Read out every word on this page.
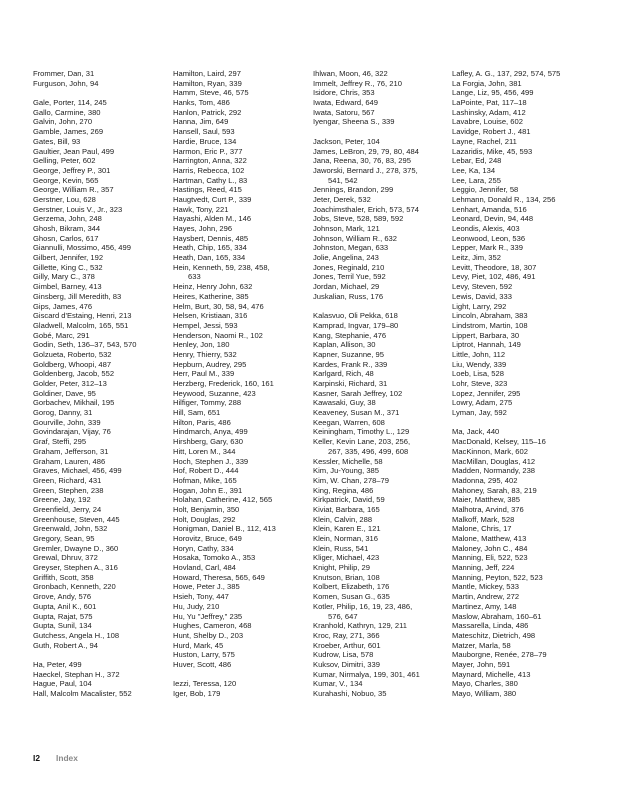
Frommer, Dan, 31
Furguson, John, 94
Gale, Porter, 114, 245
Gallo, Carmine, 380
Galvin, John, 270
Gamble, James, 269
Gates, Bill, 93
Gaultier, Jean Paul, 499
Gelling, Peter, 602
George, Jeffrey P., 301
George, Kevin, 565
George, William R., 357
Gerstner, Lou, 628
Gerstner, Louis V., Jr., 323
Gerzema, John, 248
Ghosh, Bikram, 344
Ghosn, Carlos, 617
Giannulli, Mossimo, 456, 499
Gilbert, Jennifer, 192
Gillette, King C., 532
Gilly, Mary C., 378
Gimbel, Barney, 413
Ginsberg, Jill Meredith, 83
Gips, James, 476
Giscard d'Estaing, Henri, 213
Gladwell, Malcolm, 165, 551
Gobé, Marc, 291
Godin, Seth, 136–37, 543, 570
Golzueta, Roberto, 532
Goldberg, Whoopi, 487
Goldenberg, Jacob, 552
Golder, Peter, 312–13
Goldiner, Dave, 95
Gorbachev, Mikhail, 195
Gorog, Danny, 31
Gourville, John, 339
Govindarajan, Vijay, 76
Graf, Steffi, 295
Graham, Jefferson, 31
Graham, Lauren, 486
Graves, Michael, 456, 499
Green, Richard, 431
Green, Stephen, 238
Greene, Jay, 192
Greenfield, Jerry, 24
Greenhouse, Steven, 445
Greenwald, John, 532
Gregory, Sean, 95
Gremler, Dwayne D., 360
Grewal, Dhruv, 372
Greyser, Stephen A., 316
Griffith, Scott, 358
Gronbach, Kenneth, 220
Grove, Andy, 576
Gupta, Anil K., 601
Gupta, Rajat, 575
Gupta, Sunil, 134
Gutchess, Angela H., 108
Guth, Robert A., 94
Ha, Peter, 499
Haeckel, Stephan H., 372
Hague, Paul, 104
Hall, Malcolm Macalister, 552
Hamilton, Laird, 297
Hamilton, Ryan, 339
Hamm, Steve, 46, 575
Hanks, Tom, 486
Hanlon, Patrick, 292
Hanna, Jim, 649
Hansell, Saul, 593
Hardie, Bruce, 134
Harmon, Eric P., 377
Harrington, Anna, 322
Harris, Rebecca, 102
Hartman, Cathy L., 83
Hastings, Reed, 415
Haugtvedt, Curt P., 339
Hawk, Tony, 221
Hayashi, Alden M., 146
Hayes, John, 296
Haysbert, Dennis, 485
Heath, Chip, 165, 334
Heath, Dan, 165, 334
Hein, Kenneth, 59, 238, 458,
633
Heinz, Henry John, 632
Heires, Katherine, 385
Helm, Burt, 30, 58, 94, 476
Helsen, Kristiaan, 316
Hempel, Jessi, 593
Henderson, Naomi R., 102
Henley, Jon, 180
Henry, Thierry, 532
Hepburn, Audrey, 295
Herr, Paul M., 339
Herzberg, Frederick, 160, 161
Heywood, Suzanne, 423
Hilfiger, Tommy, 288
Hill, Sam, 651
Hilton, Paris, 486
Hindmarch, Anya, 499
Hirshberg, Gary, 630
Hitt, Loren M., 344
Hoch, Stephen J., 339
Hof, Robert D., 444
Hofman, Mike, 165
Hogan, John E., 391
Holahan, Catherine, 412, 565
Holt, Benjamin, 350
Holt, Douglas, 292
Honigman, Daniel B., 112, 413
Horovitz, Bruce, 649
Horyn, Cathy, 334
Hosaka, Tomoko A., 353
Hovland, Carl, 484
Howard, Theresa, 565, 649
Howe, Peter J., 385
Hsieh, Tony, 447
Hu, Judy, 210
Hu, Yu "Jeffrey," 235
Hughes, Cameron, 468
Hunt, Shelby D., 203
Hurd, Mark, 45
Huston, Larry, 575
Huver, Scott, 486
Iezzi, Teressa, 120
Iger, Bob, 179
Ihlwan, Moon, 46, 322
Immelt, Jeffrey R., 76, 210
Isidore, Chris, 353
Iwata, Edward, 649
Iwata, Satoru, 567
Iyengar, Sheena S., 339
Jackson, Peter, 104
James, LeBron, 29, 79, 80, 484
Jana, Reena, 30, 76, 83, 295
Jaworski, Bernard J., 278, 375,
541, 542
Jennings, Brandon, 299
Jeter, Derek, 532
Joachimsthaler, Erich, 573, 574
Jobs, Steve, 528, 589, 592
Johnson, Mark, 121
Johnson, William R., 632
Johnston, Megan, 633
Jolie, Angelina, 243
Jones, Reginald, 210
Jones, Terril Yue, 592
Jordan, Michael, 29
Juskalian, Russ, 176
Kalasvuo, Oli Pekka, 618
Kamprad, Ingvar, 179–80
Kang, Stephanie, 476
Kaplan, Allison, 30
Kapner, Suzanne, 95
Kardes, Frank R., 339
Karlgard, Rich, 48
Karpinski, Richard, 31
Kasner, Sarah Jeffrey, 102
Kawasaki, Guy, 38
Keaveney, Susan M., 371
Keegan, Warren, 608
Keiningham, Timothy L., 129
Keller, Kevin Lane, 203, 256,
267, 335, 496, 499, 608
Kessler, Michelle, 58
Kim, Ju-Young, 385
Kim, W. Chan, 278–79
King, Regina, 486
Kirkpatrick, David, 59
Kiviat, Barbara, 165
Klein, Calvin, 288
Klein, Karen E., 121
Klein, Norman, 316
Klein, Russ, 541
Kliger, Michael, 423
Knight, Philip, 29
Knutson, Brian, 108
Kolbert, Elizabeth, 176
Komen, Susan G., 635
Kotler, Philip, 16, 19, 23, 486,
576, 647
Kranhold, Kathryn, 129, 211
Kroc, Ray, 271, 366
Kroeber, Arthur, 601
Kudrow, Lisa, 578
Kuksov, Dimitri, 339
Kumar, Nirmalya, 199, 301, 461
Kumar, V., 134
Kurahashi, Nobuo, 35
Lafley, A. G., 137, 292, 574, 575
La Forgia, John, 381
Lange, Liz, 95, 456, 499
LaPointe, Pat, 117–18
Lashinsky, Adam, 412
Lavabre, Louise, 602
Lavidge, Robert J., 481
Layne, Rachel, 211
Lazaridis, Mike, 45, 593
Lebar, Ed, 248
Lee, Ka, 134
Lee, Lara, 255
Leggio, Jennifer, 58
Lehmann, Donald R., 134, 256
Lenhart, Amanda, 516
Leonard, Devin, 94, 448
Leondis, Alexis, 403
Leonwood, Leon, 536
Lepper, Mark R., 339
Leitz, Jim, 352
Levitt, Theodore, 18, 307
Levy, Piet, 102, 486, 491
Levy, Steven, 592
Lewis, David, 333
Light, Larry, 292
Lincoln, Abraham, 383
Lindstrom, Martin, 108
Lippert, Barbara, 30
Liptrot, Hannah, 149
Little, John, 112
Liu, Wendy, 339
Loeb, Lisa, 528
Lohr, Steve, 323
Lopez, Jennifer, 295
Lowry, Adam, 275
Lyman, Jay, 592
Ma, Jack, 440
MacDonald, Kelsey, 115–16
MacKinnon, Mark, 602
MacMillan, Douglas, 412
Madden, Normandy, 238
Madonna, 295, 402
Mahoney, Sarah, 83, 219
Maier, Matthew, 385
Malhotra, Arvind, 376
Malkoff, Mark, 528
Malone, Chris, 17
Malone, Matthew, 413
Maloney, John C., 484
Manning, Eli, 522, 523
Manning, Jeff, 224
Manning, Peyton, 522, 523
Mantle, Mickey, 533
Martin, Andrew, 272
Martinez, Amy, 148
Maslow, Abraham, 160–61
Massarella, Linda, 486
Mateschitz, Dietrich, 498
Matzer, Marla, 58
Mauborgne, Renée, 278–79
Mayer, John, 591
Maynard, Michelle, 413
Mayo, Charles, 380
Mayo, William, 380
I2 Index
